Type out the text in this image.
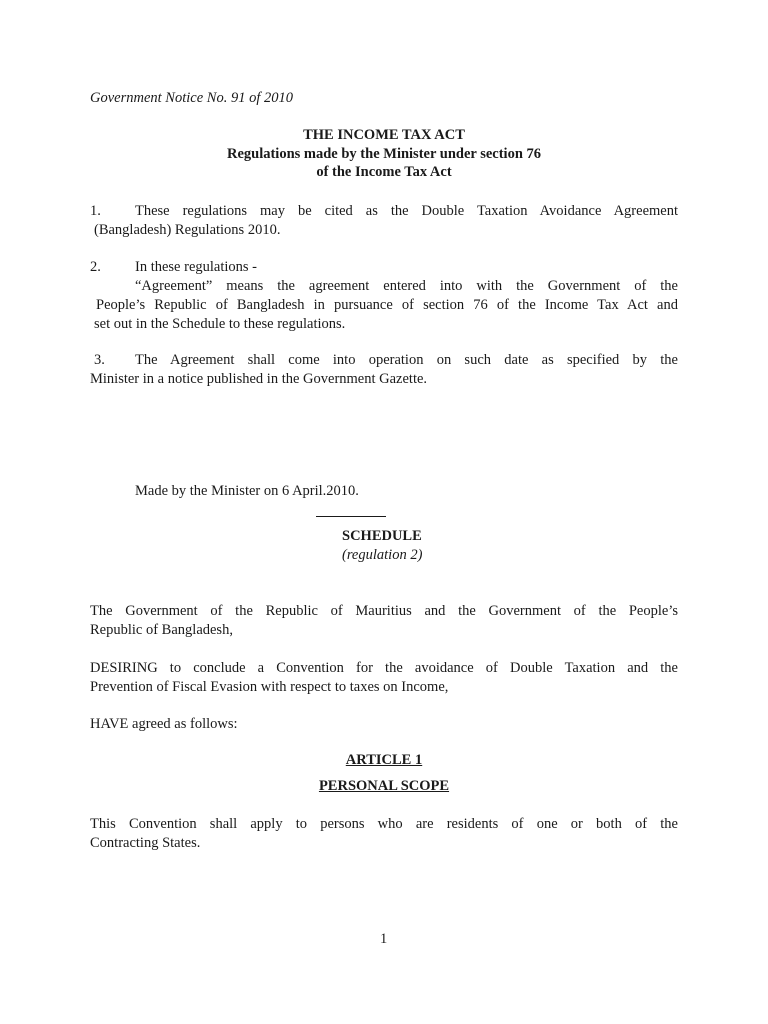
Government Notice No. 91 of 2010
THE INCOME TAX ACT
Regulations made by the Minister under section 76
of the Income Tax Act
1. These regulations may be cited as the Double Taxation Avoidance Agreement
(Bangladesh) Regulations 2010.
2. In these regulations -
“Agreement” means the agreement entered into with the Government of the
People’s Republic of Bangladesh in pursuance of section 76 of the Income Tax Act and
set out in the Schedule to these regulations.
3. The Agreement shall come into operation on such date as specified by the
Minister in a notice published in the Government Gazette.
Made by the Minister on 6 April.2010.
SCHEDULE
(regulation 2)
The Government of the Republic of Mauritius and the Government of the People’s
Republic of Bangladesh,
DESIRING to conclude a Convention for the avoidance of Double Taxation and the
Prevention of Fiscal Evasion with respect to taxes on Income,
HAVE agreed as follows:
ARTICLE 1
PERSONAL SCOPE
This Convention shall apply to persons who are residents of one or both of the
Contracting States.
1
